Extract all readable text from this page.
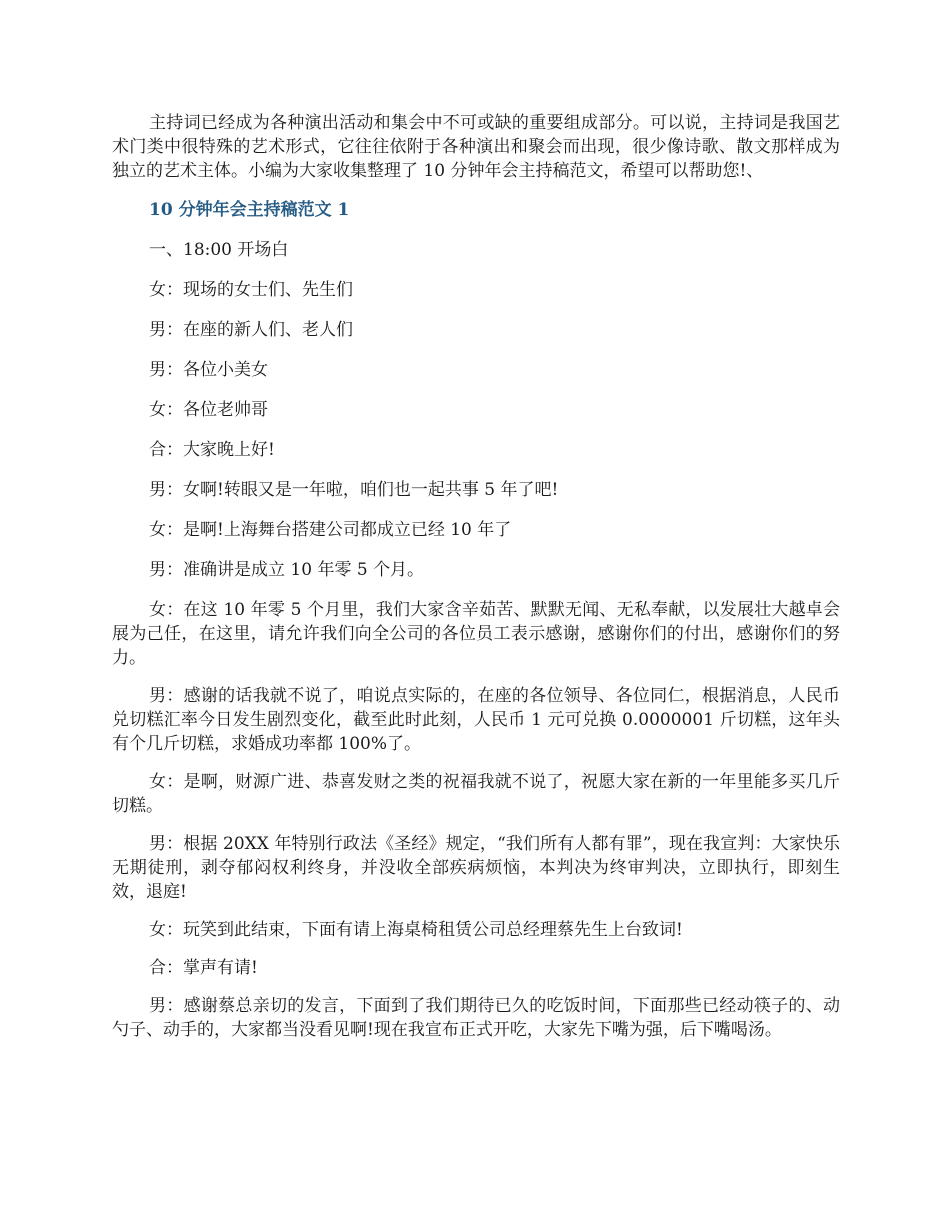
主持词已经成为各种演出活动和集会中不可或缺的重要组成部分。可以说，主持词是我国艺术门类中很特殊的艺术形式，它往往依附于各种演出和聚会而出现，很少像诗歌、散文那样成为独立的艺术主体。小编为大家收集整理了 10 分钟年会主持稿范文，希望可以帮助您!、

10 分钟年会主持稿范文 1

一、18:00 开场白

女：现场的女士们、先生们

男：在座的新人们、老人们

男：各位小美女

女：各位老帅哥

合：大家晚上好!

男：女啊!转眼又是一年啦，咱们也一起共事 5 年了吧!

女：是啊!上海舞台搭建公司都成立已经 10 年了

男：准确讲是成立 10 年零 5 个月。

女：在这 10 年零 5 个月里，我们大家含辛茹苦、默默无闻、无私奉献，以发展壮大越卓会展为己任，在这里，请允许我们向全公司的各位员工表示感谢，感谢你们的付出，感谢你们的努力。

男：感谢的话我就不说了，咱说点实际的，在座的各位领导、各位同仁，根据消息，人民币兑切糕汇率今日发生剧烈变化，截至此时此刻，人民币 1 元可兑换 0.0000001 斤切糕，这年头有个几斤切糕，求婚成功率都 100%了。

女：是啊，财源广进、恭喜发财之类的祝福我就不说了，祝愿大家在新的一年里能多买几斤切糕。

男：根据 20XX 年特别行政法《圣经》规定，“我们所有人都有罪”，现在我宣判：大家快乐无期徒刑，剥夺郁闷权利终身，并没收全部疾病烦恼，本判决为终审判决，立即执行，即刻生效，退庭!

女：玩笑到此结束，下面有请上海桌椅租赁公司总经理蔡先生上台致词!

合：掌声有请!

男：感谢蔡总亲切的发言，下面到了我们期待已久的吃饭时间，下面那些已经动筷子的、动勺子、动手的，大家都当没看见啊!现在我宣布正式开吃，大家先下嘴为强，后下嘴喝汤。
